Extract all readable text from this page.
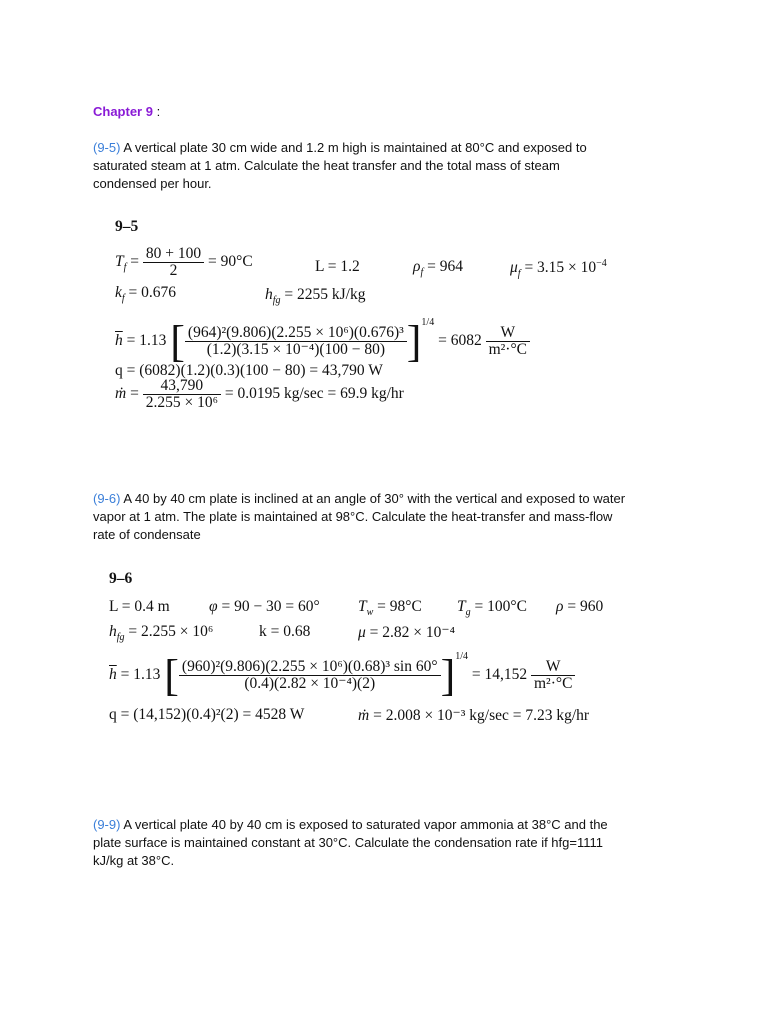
Chapter 9 :
(9-5) A vertical plate 30 cm wide and 1.2 m high is maintained at 80°C and exposed to
saturated steam at 1 atm. Calculate the heat transfer and the total mass of steam
condensed per hour.
9–5
$T_f = \frac{80 + 100}{2} = 90^\circ C$	L = 1.2	$\rho_f = 964$	$\mu_f = 3.15 \times 10^{-4}$
$k_f = 0.676$	$h_{fg} = 2255$ kJ/kg
$\overline{h} = 1.13$ [ $\frac{\text{(964)²(9.806)(2.255 × 10⁶)(0.676)³}}{\text{(1.2)(3.15 × 10⁻⁴)(100 − 80)}} ]^{1/4} = 6082 \frac{W}{\text{m²·°C}}$
q = (6082)(1.2)(0.3)(100 − 80) = 43,790 W
ṁ = $\frac{43,790}{\text{2.255 × 10⁶}} = 0.0195$ kg/sec = 69.9 kg/hr
(9-6) A 40 by 40 cm plate is inclined at an angle of 30° with the vertical and exposed to water
vapor at 1 atm. The plate is maintained at 98°C. Calculate the heat-transfer and mass-flow
rate of condensate
9–6
L = 0.4 m	φ = 90 − 30 = 60° $T_w = 98^\circ C$ $T_g = 100^\circ C$ ρ = 960
$h_{fg} = 2.255 \times 10^6$	k = 0.68	μ = 2.82 × 10⁻⁴
$\overline{h} = 1.13$ [ $\frac{\text{(960)²(9.806)(2.255 × 10⁶)(0.68)³ sin 60°}}{\text{(0.4)(2.82 × 10⁻⁴)(2)}} ]^{1/4} = 14,152 \frac{W}{\text{m²·°C}}$
q = (14,152)(0.4)²(2) = 4528 W	ṁ = 2.008 × 10⁻³ kg/sec = 7.23 kg/hr
(9-9) A vertical plate 40 by 40 cm is exposed to saturated vapor ammonia at 38°C and the
plate surface is maintained constant at 30°C. Calculate the condensation rate if hfg=1111
kJ/kg at 38°C.
